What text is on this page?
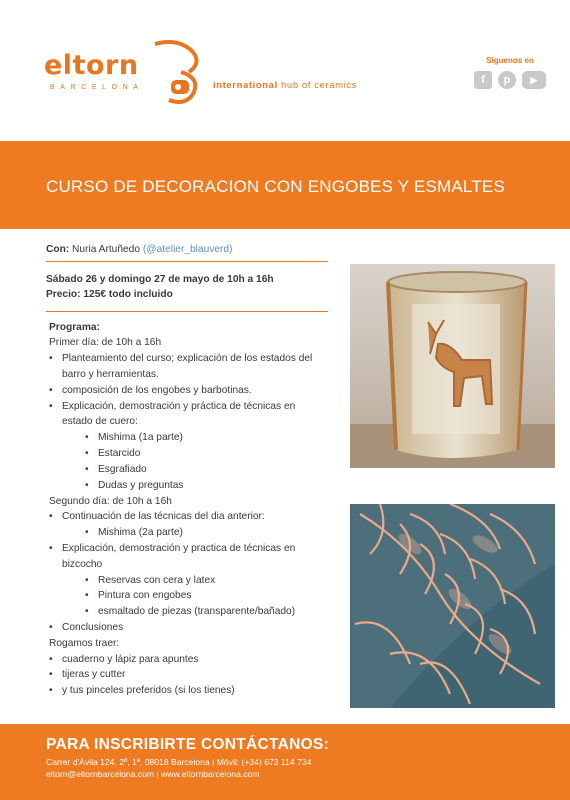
eltorn
BARCELONA	international hub of ceramics
Siguenos en
f	p	▶
CURSO DE DECORACION CON ENGOBES Y ESMALTES
Con: Nuria Artuñedo (@atelier_blauverd)
Sábado 26 y domingo 27 de mayo de 10h a 16h
Precio: 125€ todo incluido
Programa:
Primer día: de 10h a 16h
• Planteamiento del curso; explicación de los estados del barro y herramientas.
• composición de los engobes y barbotinas.
• Explicación, demostración y práctica de técnicas en estado de cuero:
• Mishima (1a parte)
• Estarcido
• Esgrafiado
• Dudas y preguntas
Segundo día: de 10h a 16h
• Continuación de las técnicas del dia anterior:
• Mishima (2a parte)
• Explicación, demostración y practica de técnicas en bizcocho
• Reservas con cera y latex
• Pintura con engobes
• esmaltado de piezas (transparente/bañado)
• Conclusiones
Rogamos traer:
• cuaderno y lápiz para apuntes
• tijeras y cutter
• y tus pinceles preferidos (si los tienes)
PARA INSCRIBIRTE CONTÁCTANOS:
Carrer d'Àvila 124, 2º, 1ª, 08018 Barcelona | Móvil: (+34) 673 114 734
eltorn@eltornbarcelona.com | www.eltornbarcelona.com
